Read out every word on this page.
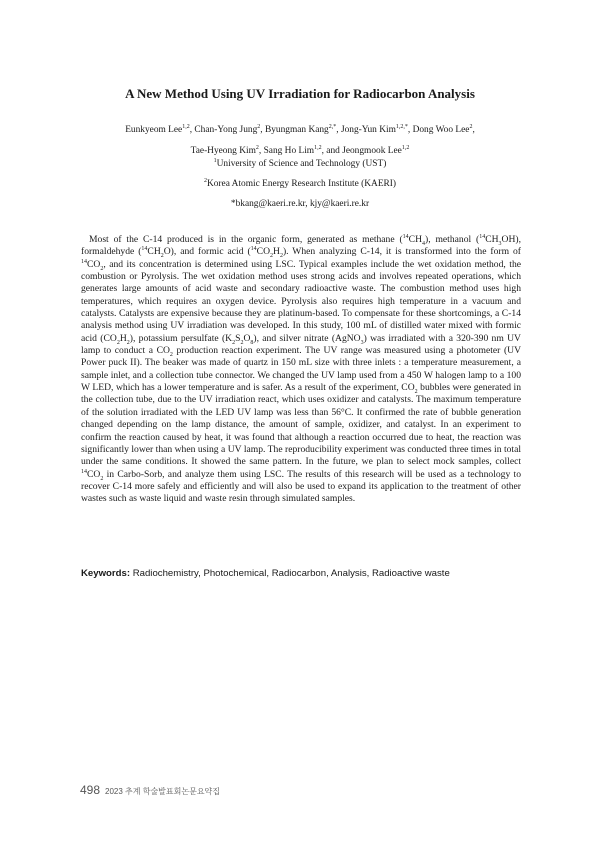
A New Method Using UV Irradiation for Radiocarbon Analysis
Eunkyeom Lee$^{1,2}$, Chan-Yong Jung$^2$, Byungman Kang$^{2,*}$, Jong-Yun Kim$^{1,2,*}$, Dong Woo Lee$^2$,
Tae-Hyeong Kim$^2$, Sang Ho Lim$^{1,2}$, and Jeongmook Lee$^{1,2}$
$^1$University of Science and Technology (UST)
$^2$Korea Atomic Energy Research Institute (KAERI)
*bkang@kaeri.re.kr, kjy@kaeri.re.kr

Most of the C-14 produced is in the organic form, generated as methane $(^{14}CH_4)$, methanol $(^{14}CH_3OH)$, formaldehyde $(^{14}CH_2O)$, and formic acid $(^{14}CO_2H_2)$. When analyzing C-14, it is transformed into the form of $^{14}CO_2$, and its concentration is determined using LSC. Typical examples include the wet oxidation method, the combustion or Pyrolysis. The wet oxidation method uses strong acids and involves repeated operations, which generates large amounts of acid waste and secondary radioactive waste. The combustion method uses high temperatures, which requires an oxygen device. Pyrolysis also requires high temperature in a vacuum and catalysts. Catalysts are expensive because they are platinum-based. To compensate for these shortcomings, a C-14 analysis method using UV irradiation was developed. In this study, 100 mL of distilled water mixed with formic acid $(CO_2H_2)$, potassium persulfate $(K_2S_2O_8)$, and silver nitrate (AgNO$_3$) was irradiated with a 320-390 nm UV lamp to conduct a $CO_2$ production reaction experiment. The UV range was measured using a photometer (UV Power puck II). The beaker was made of quartz in 150 mL size with three inlets : a temperature measurement, a sample inlet, and a collection tube connector. We changed the UV lamp used from a 450 W halogen lamp to a 100 W LED, which has a lower temperature and is safer. As a result of the experiment, $CO_2$ bubbles were generated in the collection tube, due to the UV irradiation react, which uses oxidizer and catalysts. The maximum temperature of the solution irradiated with the LED UV lamp was less than 56°C. It confirmed the rate of bubble generation changed depending on the lamp distance, the amount of sample, oxidizer, and catalyst. In an experiment to confirm the reaction caused by heat, it was found that although a reaction occurred due to heat, the reaction was significantly lower than when using a UV lamp. The reproducibility experiment was conducted three times in total under the same conditions. It showed the same pattern. In the future, we plan to select mock samples, collect $^{14}CO_2$ in Carbo-Sorb, and analyze them using LSC. The results of this research will be used as a technology to recover C-14 more safely and efficiently and will also be used to expand its application to the treatment of other wastes such as waste liquid and waste resin through simulated samples.

Keywords: Radiochemistry, Photochemical, Radiocarbon, Analysis, Radioactive waste
498 2023 추계 학술발표회논문요약집
